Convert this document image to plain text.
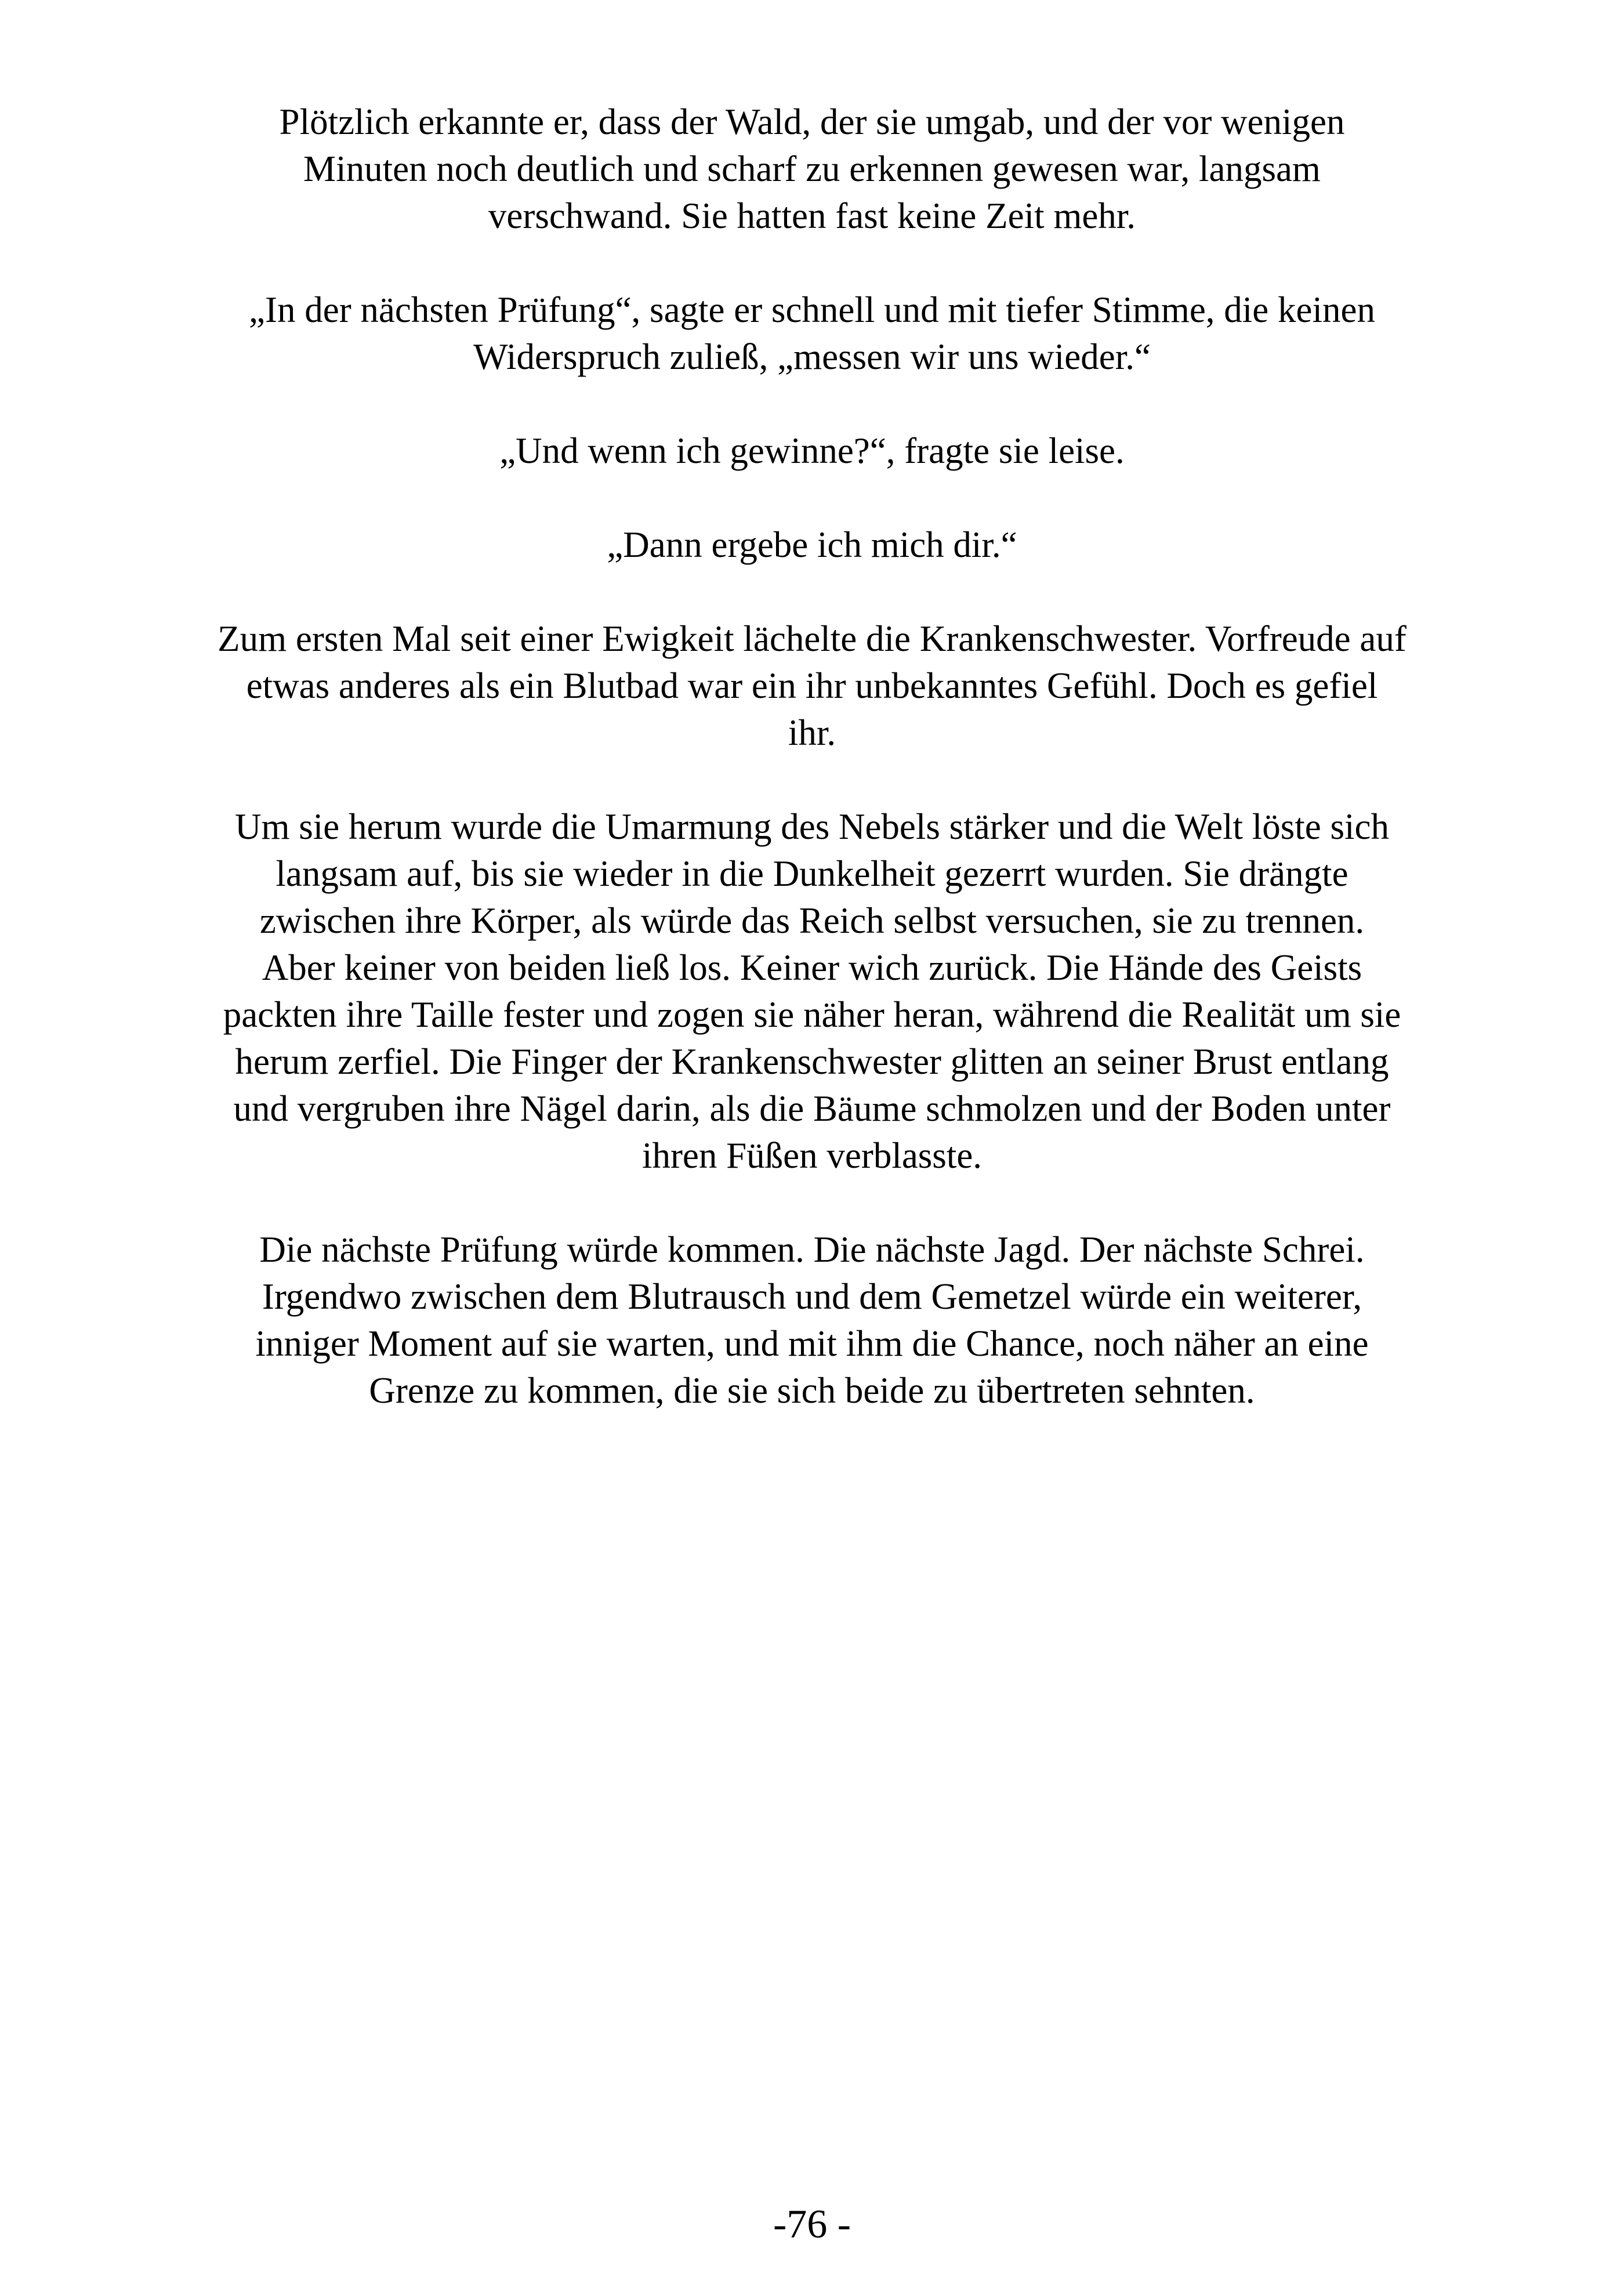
Plötzlich erkannte er, dass der Wald, der sie umgab, und der vor wenigen
Minuten noch deutlich und scharf zu erkennen gewesen war, langsam
verschwand. Sie hatten fast keine Zeit mehr.

„In der nächsten Prüfung“, sagte er schnell und mit tiefer Stimme, die keinen
Widerspruch zuließ, „messen wir uns wieder.“

„Und wenn ich gewinne?“, fragte sie leise.

„Dann ergebe ich mich dir.“

Zum ersten Mal seit einer Ewigkeit lächelte die Krankenschwester. Vorfreude auf
etwas anderes als ein Blutbad war ein ihr unbekanntes Gefühl. Doch es gefiel
ihr.

Um sie herum wurde die Umarmung des Nebels stärker und die Welt löste sich
langsam auf, bis sie wieder in die Dunkelheit gezerrt wurden. Sie drängte
zwischen ihre Körper, als würde das Reich selbst versuchen, sie zu trennen.
Aber keiner von beiden ließ los. Keiner wich zurück. Die Hände des Geists
packten ihre Taille fester und zogen sie näher heran, während die Realität um sie
herum zerfiel. Die Finger der Krankenschwester glitten an seiner Brust entlang
und vergruben ihre Nägel darin, als die Bäume schmolzen und der Boden unter
ihren Füßen verblasste.

Die nächste Prüfung würde kommen. Die nächste Jagd. Der nächste Schrei.
Irgendwo zwischen dem Blutrausch und dem Gemetzel würde ein weiterer,
inniger Moment auf sie warten, und mit ihm die Chance, noch näher an eine
Grenze zu kommen, die sie sich beide zu übertreten sehnten.

-76 -
